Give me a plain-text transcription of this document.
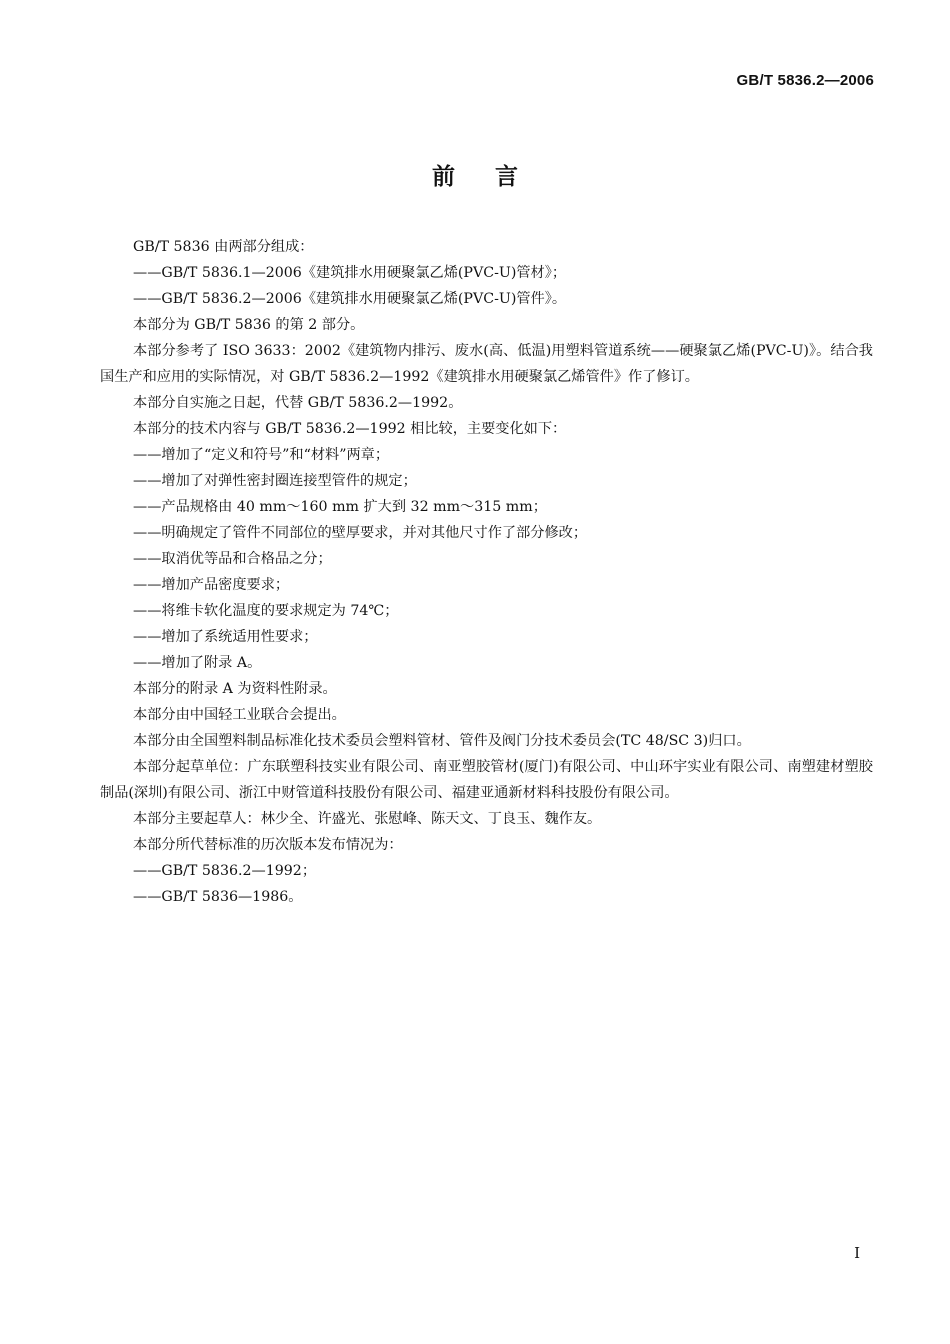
GB/T 5836.2—2006
前言

GB/T 5836 由两部分组成：

——GB/T 5836.1—2006《建筑排水用硬聚氯乙烯(PVC-U)管材》；

——GB/T 5836.2—2006《建筑排水用硬聚氯乙烯(PVC-U)管件》。

本部分为 GB/T 5836 的第 2 部分。

本部分参考了 ISO 3633：2002《建筑物内排污、废水(高、低温)用塑料管道系统——硬聚氯乙烯(PVC-U)》。结合我国生产和应用的实际情况，对 GB/T 5836.2—1992《建筑排水用硬聚氯乙烯管件》作了修订。

本部分自实施之日起，代替 GB/T 5836.2—1992。

本部分的技术内容与 GB/T 5836.2—1992 相比较，主要变化如下：

——增加了“定义和符号”和“材料”两章；

——增加了对弹性密封圈连接型管件的规定；

——产品规格由 40 mm～160 mm 扩大到 32 mm～315 mm；

——明确规定了管件不同部位的壁厚要求，并对其他尺寸作了部分修改；

——取消优等品和合格品之分；

——增加产品密度要求；

——将维卡软化温度的要求规定为 74℃；

——增加了系统适用性要求；

——增加了附录 A。

本部分的附录 A 为资料性附录。

本部分由中国轻工业联合会提出。

本部分由全国塑料制品标准化技术委员会塑料管材、管件及阀门分技术委员会(TC 48/SC 3)归口。

本部分起草单位：广东联塑科技实业有限公司、南亚塑胶管材(厦门)有限公司、中山环宇实业有限公司、南塑建材塑胶制品(深圳)有限公司、浙江中财管道科技股份有限公司、福建亚通新材料科技股份有限公司。

本部分主要起草人：林少全、许盛光、张慰峰、陈天文、丁良玉、魏作友。

本部分所代替标准的历次版本发布情况为：

——GB/T 5836.2—1992；

——GB/T 5836—1986。

I
